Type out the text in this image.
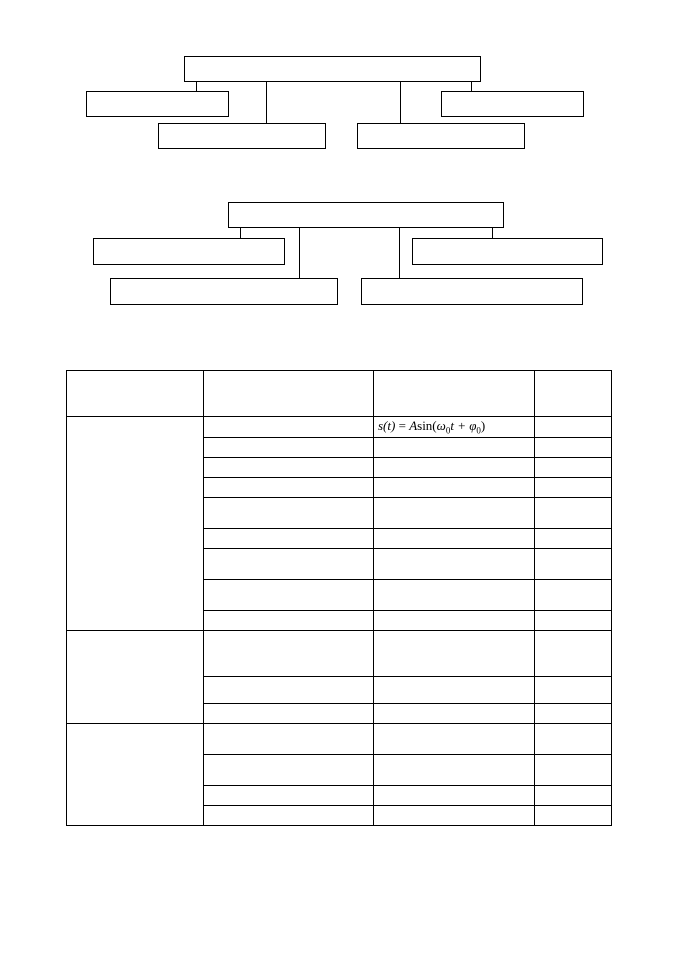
		$s(t) = Asin(\omega_0t + \varphi_0)$	
